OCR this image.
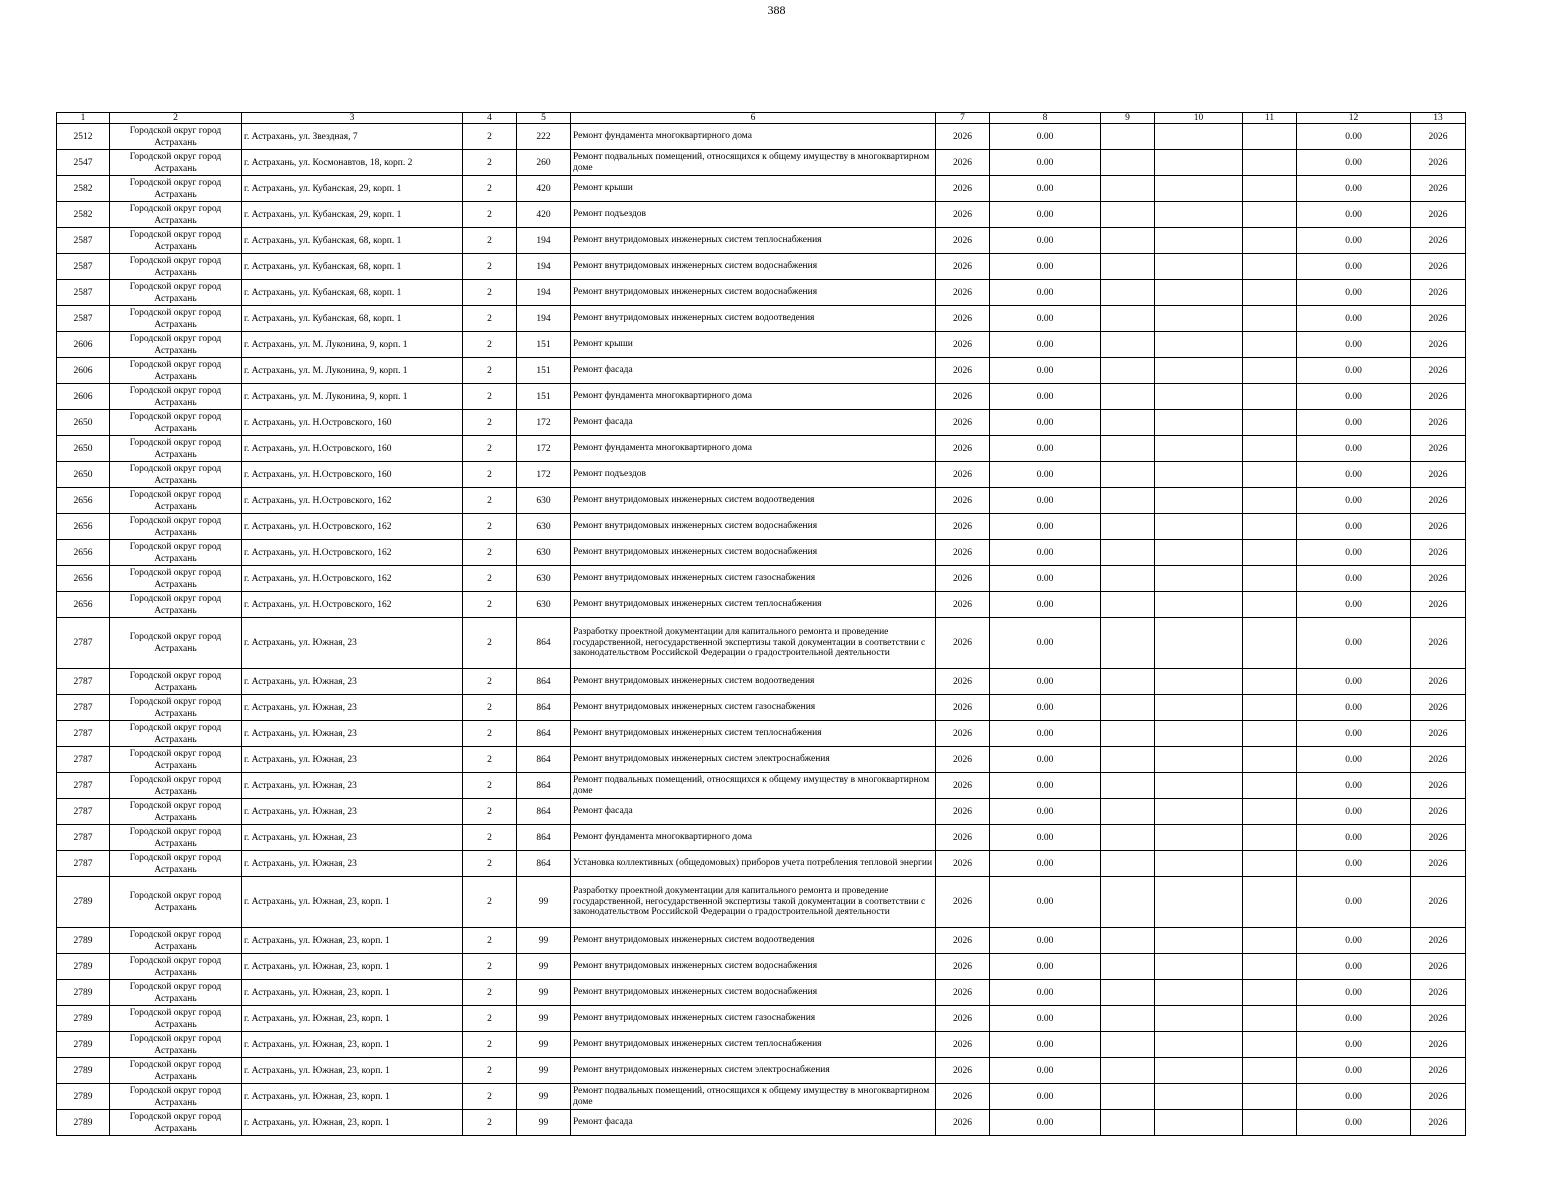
388
1	2	3	4	5	6	7	8	9	10	11	12	13
2512	Городской округ город Астрахань	г. Астрахань, ул. Звездная, 7	2	222	Ремонт фундамента многоквартирного дома	2026	0.00				0.00	2026
2547	Городской округ город Астрахань	г. Астрахань, ул. Космонавтов, 18, корп. 2	2	260	Ремонт подвальных помещений, относящихся к общему имуществу в многоквартирном доме	2026	0.00				0.00	2026
2582	Городской округ город Астрахань	г. Астрахань, ул. Кубанская, 29, корп. 1	2	420	Ремонт крыши	2026	0.00				0.00	2026
2582	Городской округ город Астрахань	г. Астрахань, ул. Кубанская, 29, корп. 1	2	420	Ремонт подъездов	2026	0.00				0.00	2026
2587	Городской округ город Астрахань	г. Астрахань, ул. Кубанская, 68, корп. 1	2	194	Ремонт внутридомовых инженерных систем теплоснабжения	2026	0.00				0.00	2026
2587	Городской округ город Астрахань	г. Астрахань, ул. Кубанская, 68, корп. 1	2	194	Ремонт внутридомовых инженерных систем водоснабжения	2026	0.00				0.00	2026
2587	Городской округ город Астрахань	г. Астрахань, ул. Кубанская, 68, корп. 1	2	194	Ремонт внутридомовых инженерных систем водоснабжения	2026	0.00				0.00	2026
2587	Городской округ город Астрахань	г. Астрахань, ул. Кубанская, 68, корп. 1	2	194	Ремонт внутридомовых инженерных систем водоотведения	2026	0.00				0.00	2026
2606	Городской округ город Астрахань	г. Астрахань, ул. М. Луконина, 9, корп. 1	2	151	Ремонт крыши	2026	0.00				0.00	2026
2606	Городской округ город Астрахань	г. Астрахань, ул. М. Луконина, 9, корп. 1	2	151	Ремонт фасада	2026	0.00				0.00	2026
2606	Городской округ город Астрахань	г. Астрахань, ул. М. Луконина, 9, корп. 1	2	151	Ремонт фундамента многоквартирного дома	2026	0.00				0.00	2026
2650	Городской округ город Астрахань	г. Астрахань, ул. Н.Островского, 160	2	172	Ремонт фасада	2026	0.00				0.00	2026
2650	Городской округ город Астрахань	г. Астрахань, ул. Н.Островского, 160	2	172	Ремонт фундамента многоквартирного дома	2026	0.00				0.00	2026
2650	Городской округ город Астрахань	г. Астрахань, ул. Н.Островского, 160	2	172	Ремонт подъездов	2026	0.00				0.00	2026
2656	Городской округ город Астрахань	г. Астрахань, ул. Н.Островского, 162	2	630	Ремонт внутридомовых инженерных систем водоотведения	2026	0.00				0.00	2026
2656	Городской округ город Астрахань	г. Астрахань, ул. Н.Островского, 162	2	630	Ремонт внутридомовых инженерных систем водоснабжения	2026	0.00				0.00	2026
2656	Городской округ город Астрахань	г. Астрахань, ул. Н.Островского, 162	2	630	Ремонт внутридомовых инженерных систем водоснабжения	2026	0.00				0.00	2026
2656	Городской округ город Астрахань	г. Астрахань, ул. Н.Островского, 162	2	630	Ремонт внутридомовых инженерных систем газоснабжения	2026	0.00				0.00	2026
2656	Городской округ город Астрахань	г. Астрахань, ул. Н.Островского, 162	2	630	Ремонт внутридомовых инженерных систем теплоснабжения	2026	0.00				0.00	2026
2787	Городской округ город Астрахань	г. Астрахань, ул. Южная, 23	2	864	Разработку проектной документации для капитального ремонта и проведение государственной, негосударственной экспертизы такой документации в соответствии с законодательством Российской Федерации о градостроительной деятельности	2026	0.00				0.00	2026
2787	Городской округ город Астрахань	г. Астрахань, ул. Южная, 23	2	864	Ремонт внутридомовых инженерных систем водоотведения	2026	0.00				0.00	2026
2787	Городской округ город Астрахань	г. Астрахань, ул. Южная, 23	2	864	Ремонт внутридомовых инженерных систем газоснабжения	2026	0.00				0.00	2026
2787	Городской округ город Астрахань	г. Астрахань, ул. Южная, 23	2	864	Ремонт внутридомовых инженерных систем теплоснабжения	2026	0.00				0.00	2026
2787	Городской округ город Астрахань	г. Астрахань, ул. Южная, 23	2	864	Ремонт внутридомовых инженерных систем электроснабжения	2026	0.00				0.00	2026
2787	Городской округ город Астрахань	г. Астрахань, ул. Южная, 23	2	864	Ремонт подвальных помещений, относящихся к общему имуществу в многоквартирном доме	2026	0.00				0.00	2026
2787	Городской округ город Астрахань	г. Астрахань, ул. Южная, 23	2	864	Ремонт фасада	2026	0.00				0.00	2026
2787	Городской округ город Астрахань	г. Астрахань, ул. Южная, 23	2	864	Ремонт фундамента многоквартирного дома	2026	0.00				0.00	2026
2787	Городской округ город Астрахань	г. Астрахань, ул. Южная, 23	2	864	Установка коллективных (общедомовых) приборов учета потребления тепловой энергии	2026	0.00				0.00	2026
2789	Городской округ город Астрахань	г. Астрахань, ул. Южная, 23, корп. 1	2	99	Разработку проектной документации для капитального ремонта и проведение государственной, негосударственной экспертизы такой документации в соответствии с законодательством Российской Федерации о градостроительной деятельности	2026	0.00				0.00	2026
2789	Городской округ город Астрахань	г. Астрахань, ул. Южная, 23, корп. 1	2	99	Ремонт внутридомовых инженерных систем водоотведения	2026	0.00				0.00	2026
2789	Городской округ город Астрахань	г. Астрахань, ул. Южная, 23, корп. 1	2	99	Ремонт внутридомовых инженерных систем водоснабжения	2026	0.00				0.00	2026
2789	Городской округ город Астрахань	г. Астрахань, ул. Южная, 23, корп. 1	2	99	Ремонт внутридомовых инженерных систем водоснабжения	2026	0.00				0.00	2026
2789	Городской округ город Астрахань	г. Астрахань, ул. Южная, 23, корп. 1	2	99	Ремонт внутридомовых инженерных систем газоснабжения	2026	0.00				0.00	2026
2789	Городской округ город Астрахань	г. Астрахань, ул. Южная, 23, корп. 1	2	99	Ремонт внутридомовых инженерных систем теплоснабжения	2026	0.00				0.00	2026
2789	Городской округ город Астрахань	г. Астрахань, ул. Южная, 23, корп. 1	2	99	Ремонт внутридомовых инженерных систем электроснабжения	2026	0.00				0.00	2026
2789	Городской округ город Астрахань	г. Астрахань, ул. Южная, 23, корп. 1	2	99	Ремонт подвальных помещений, относящихся к общему имуществу в многоквартирном доме	2026	0.00				0.00	2026
2789	Городской округ город Астрахань	г. Астрахань, ул. Южная, 23, корп. 1	2	99	Ремонт фасада	2026	0.00				0.00	2026
